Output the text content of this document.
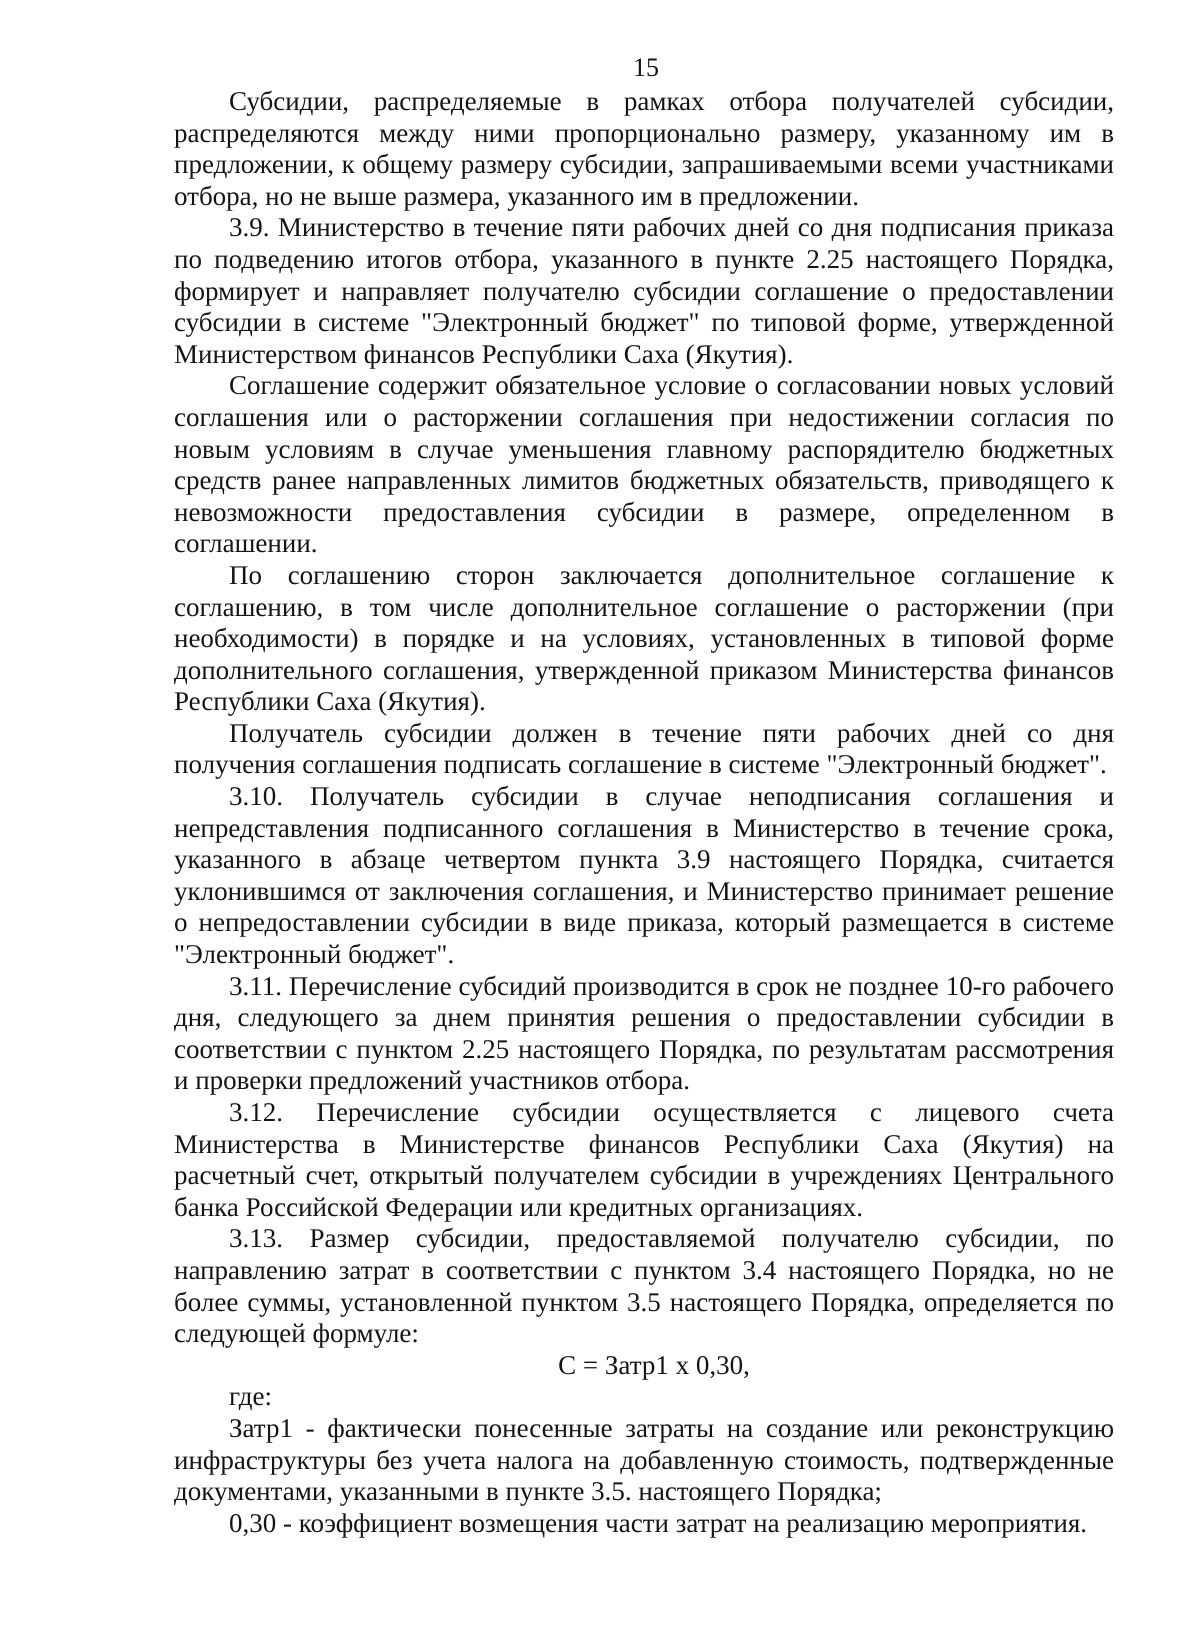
15

Субсидии, распределяемые в рамках отбора получателей субсидии, распределяются между ними пропорционально размеру, указанному им в предложении, к общему размеру субсидии, запрашиваемыми всеми участниками отбора, но не выше размера, указанного им в предложении.

3.9. Министерство в течение пяти рабочих дней со дня подписания приказа по подведению итогов отбора, указанного в пункте 2.25 настоящего Порядка, формирует и направляет получателю субсидии соглашение о предоставлении субсидии в системе "Электронный бюджет" по типовой форме, утвержденной Министерством финансов Республики Саха (Якутия).

Соглашение содержит обязательное условие о согласовании новых условий соглашения или о расторжении соглашения при недостижении согласия по новым условиям в случае уменьшения главному распорядителю бюджетных средств ранее направленных лимитов бюджетных обязательств, приводящего к невозможности предоставления субсидии в размере, определенном в соглашении.

По соглашению сторон заключается дополнительное соглашение к соглашению, в том числе дополнительное соглашение о расторжении (при необходимости) в порядке и на условиях, установленных в типовой форме дополнительного соглашения, утвержденной приказом Министерства финансов Республики Саха (Якутия).

Получатель субсидии должен в течение пяти рабочих дней со дня получения соглашения подписать соглашение в системе "Электронный бюджет".

3.10. Получатель субсидии в случае неподписания соглашения и непредставления подписанного соглашения в Министерство в течение срока, указанного в абзаце четвертом пункта 3.9 настоящего Порядка, считается уклонившимся от заключения соглашения, и Министерство принимает решение о непредоставлении субсидии в виде приказа, который размещается в системе "Электронный бюджет".

3.11. Перечисление субсидий производится в срок не позднее 10-го рабочего дня, следующего за днем принятия решения о предоставлении субсидии в соответствии с пунктом 2.25 настоящего Порядка, по результатам рассмотрения и проверки предложений участников отбора.

3.12. Перечисление субсидии осуществляется с лицевого счета Министерства в Министерстве финансов Республики Саха (Якутия) на расчетный счет, открытый получателем субсидии в учреждениях Центрального банка Российской Федерации или кредитных организациях.

3.13. Размер субсидии, предоставляемой получателю субсидии, по направлению затрат в соответствии с пунктом 3.4 настоящего Порядка, но не более суммы, установленной пунктом 3.5 настоящего Порядка, определяется по следующей формуле:

С = Затр1 х 0,30,

где:

Затр1 - фактически понесенные затраты на создание или реконструкцию инфраструктуры без учета налога на добавленную стоимость, подтвержденные документами, указанными в пункте 3.5. настоящего Порядка;

0,30 - коэффициент возмещения части затрат на реализацию мероприятия.
